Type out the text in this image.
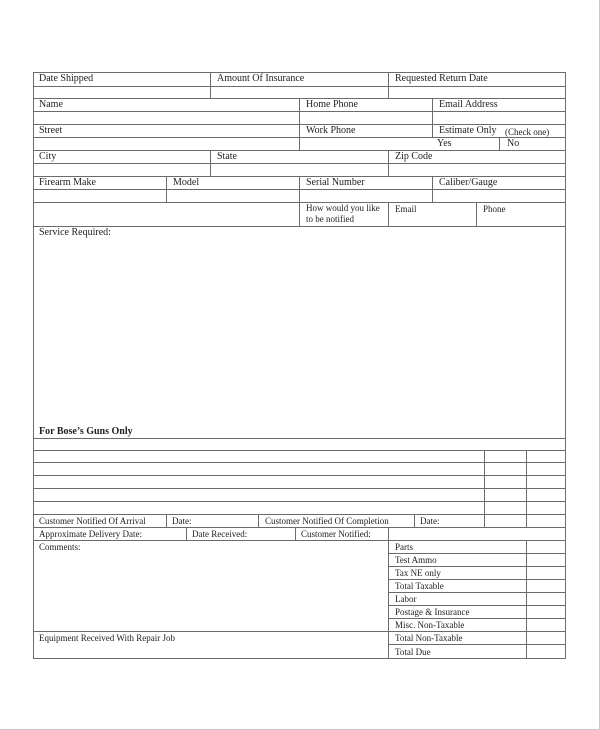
Date Shipped	Amount Of Insurance	Requested Return Date
Name	Home Phone	Email Address
Street	Work Phone	Estimate Only (Check one)
Yes	No
City	State	Zip Code
Firearm Make	Model	Serial Number	Caliber/Gauge
How would you like to be notified
Email	Phone
Service Required:
For Bose’s Guns Only
Customer Notified Of Arrival	Date:	Customer Notified Of Completion	Date:
Approximate Delivery Date:	Date Received:	Customer Notified:
Comments:
Equipment Received With Repair Job
Parts
Test Ammo
Tax NE only
Total Taxable
Labor
Postage & Insurance
Misc. Non-Taxable
Total Non-Taxable
Total Due
